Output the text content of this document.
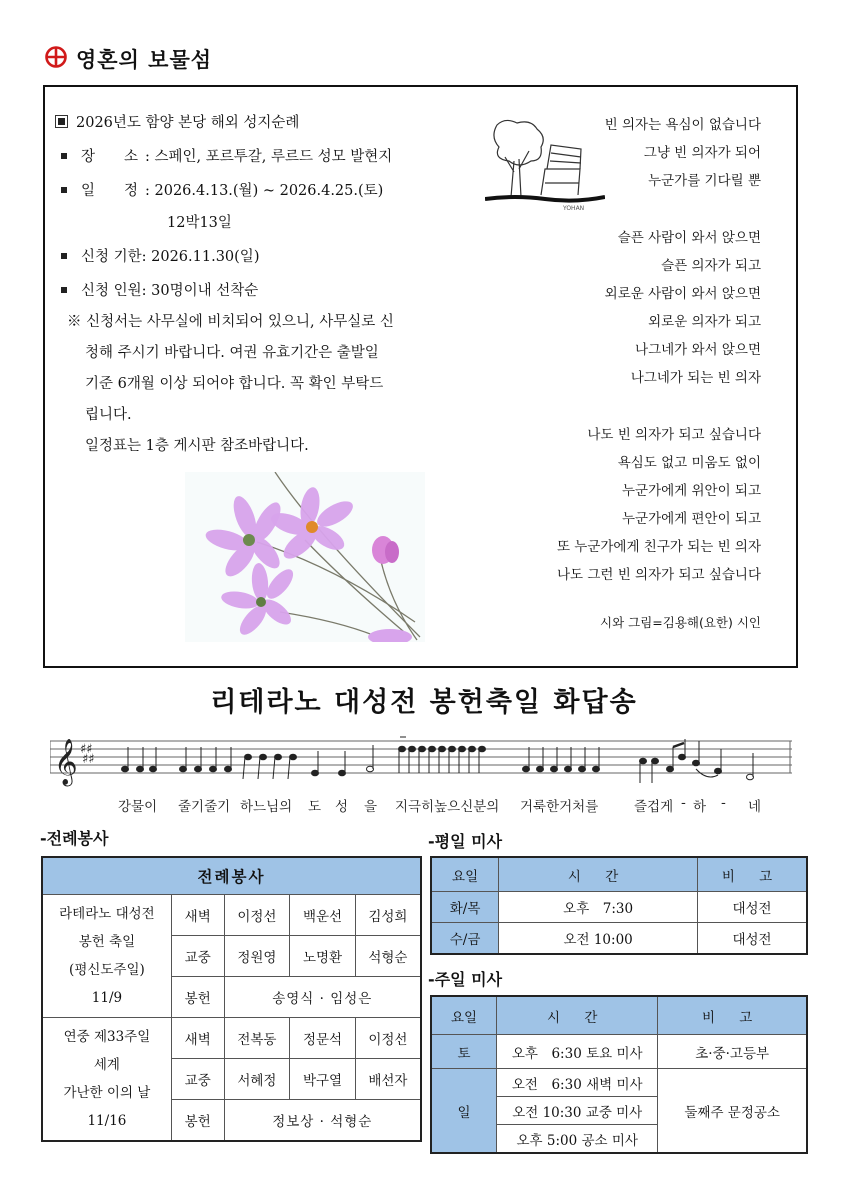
영혼의 보물섬
2026년도 함양 본당 해외 성지순례
장　　소 : 스페인, 포르투갈, 루르드 성모 발현지
일　　정 : 2026.4.13.(월) ~ 2026.4.25.(토)
12박13일
신청 기한: 2026.11.30(일)
신청 인원: 30명이내 선착순
※ 신청서는 사무실에 비치되어 있으니, 사무실로 신
청해 주시기 바랍니다. 여권 유효기간은 출발일
기준 6개월 이상 되어야 합니다. 꼭 확인 부탁드
립니다.
일정표는 1층 게시판 참조바랍니다.
YOHAN
빈 의자는 욕심이 없습니다
그냥 빈 의자가 되어
누군가를 기다릴 뿐
슬픈 사람이 와서 앉으면
슬픈 의자가 되고
외로운 사람이 와서 앉으면
외로운 의자가 되고
나그네가 와서 앉으면
나그네가 되는 빈 의자
나도 빈 의자가 되고 싶습니다
욕심도 없고 미움도 없이
누군가에게 위안이 되고
누군가에게 편안이 되고
또 누군가에게 친구가 되는 빈 의자
나도 그런 빈 의자가 되고 싶습니다
시와 그림=김용해(요한) 시인
리테라노 대성전 봉헌축일 화답송
𝄞 ♯♯
♯♯
강물이 줄기줄기 하느님의 도 성 을 지극히높으신분의 거룩한거처를	즐겁게 - 하 - 네
-전례봉사	-평일 미사
-주일 미사
전례봉사				

라테라노 대성전
봉헌 축일
(평신도주일)
11/9	새벽	이정선	백운선	김성희
	교중	정원영	노명환	석형순
	봉헌	송영식 · 임성은		

연중 제33주일
세계
가난한 이의 날
11/16	새벽	전복동	정문석	이정선
	교중	서혜정	박구열	배선자
	봉헌	정보상 · 석형순		
요일	시 간	비 고
화/목	오후　7:30	대성전
수/금	오전 10:00	대성전
요일	시 간	비 고
토	오후　6:30 토요 미사	초·중·고등부
일	오전　6:30 새벽 미사	둘째주 문정공소
	오전 10:30 교중 미사	
	오후 5:00 공소 미사	
